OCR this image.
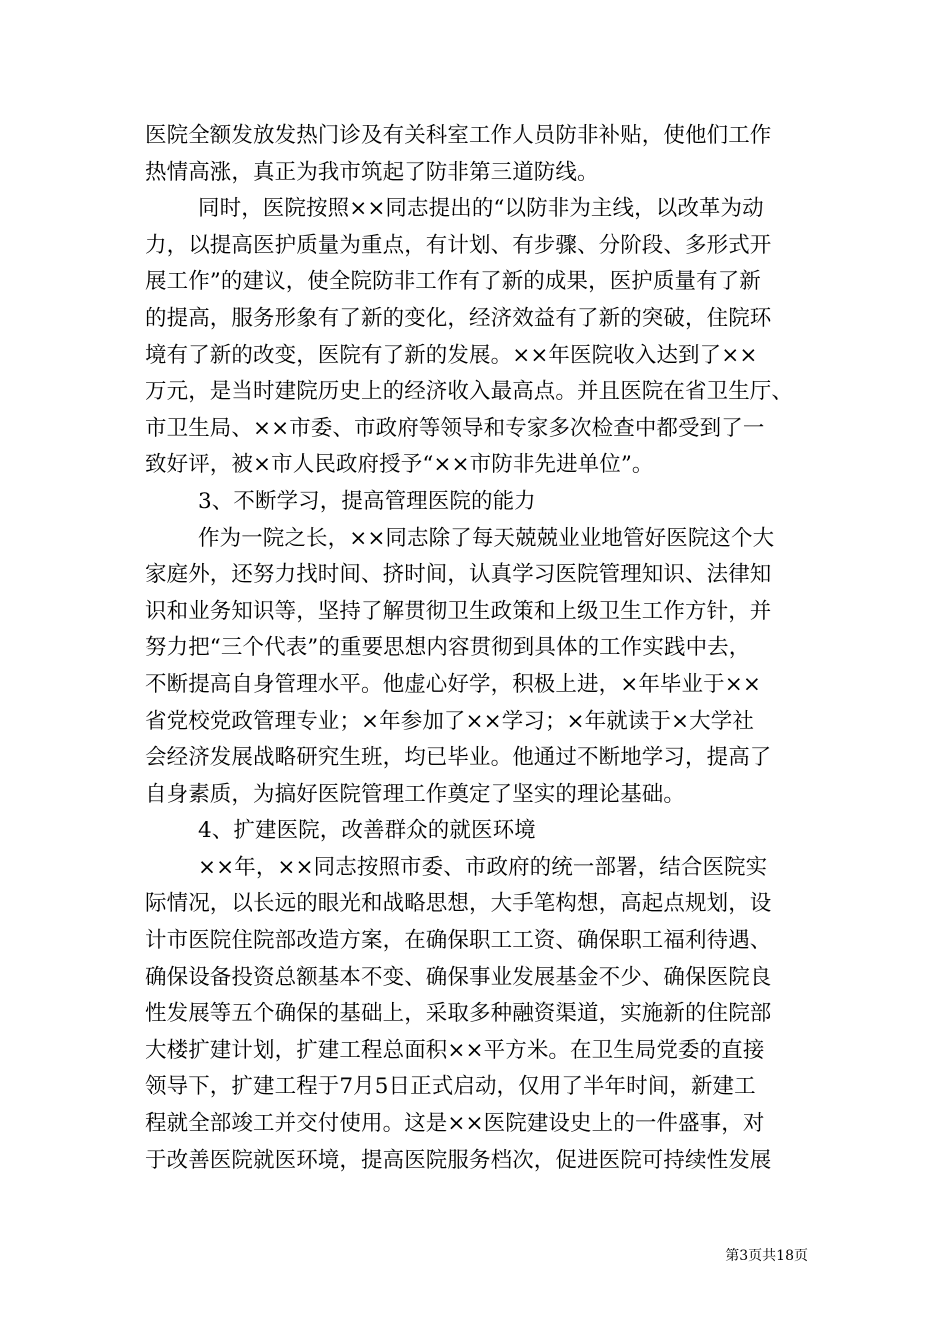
医院全额发放发热门诊及有关科室工作人员防非补贴，使他们工作
热情高涨，真正为我市筑起了防非第三道防线。
同时，医院按照××同志提出的“以防非为主线，以改革为动
力，以提高医护质量为重点，有计划、有步骤、分阶段、多形式开
展工作”的建议，使全院防非工作有了新的成果，医护质量有了新
的提高，服务形象有了新的变化，经济效益有了新的突破，住院环
境有了新的改变，医院有了新的发展。××年医院收入达到了××
万元，是当时建院历史上的经济收入最高点。并且医院在省卫生厅、
市卫生局、××市委、市政府等领导和专家多次检查中都受到了一
致好评，被×市人民政府授予“××市防非先进单位”。
3、不断学习，提高管理医院的能力
作为一院之长，××同志除了每天兢兢业业地管好医院这个大
家庭外，还努力找时间、挤时间，认真学习医院管理知识、法律知
识和业务知识等，坚持了解贯彻卫生政策和上级卫生工作方针，并
努力把“三个代表”的重要思想内容贯彻到具体的工作实践中去，
不断提高自身管理水平。他虚心好学，积极上进，×年毕业于××
省党校党政管理专业；×年参加了××学习；×年就读于×大学社
会经济发展战略研究生班，均已毕业。他通过不断地学习，提高了
自身素质，为搞好医院管理工作奠定了坚实的理论基础。
4、扩建医院，改善群众的就医环境
××年，××同志按照市委、市政府的统一部署，结合医院实
际情况，以长远的眼光和战略思想，大手笔构想，高起点规划，设
计市医院住院部改造方案，在确保职工工资、确保职工福利待遇、
确保设备投资总额基本不变、确保事业发展基金不少、确保医院良
性发展等五个确保的基础上，采取多种融资渠道，实施新的住院部
大楼扩建计划，扩建工程总面积××平方米。在卫生局党委的直接
领导下，扩建工程于7月5日正式启动，仅用了半年时间，新建工
程就全部竣工并交付使用。这是××医院建设史上的一件盛事，对
于改善医院就医环境，提高医院服务档次，促进医院可持续性发展
第3页共18页
